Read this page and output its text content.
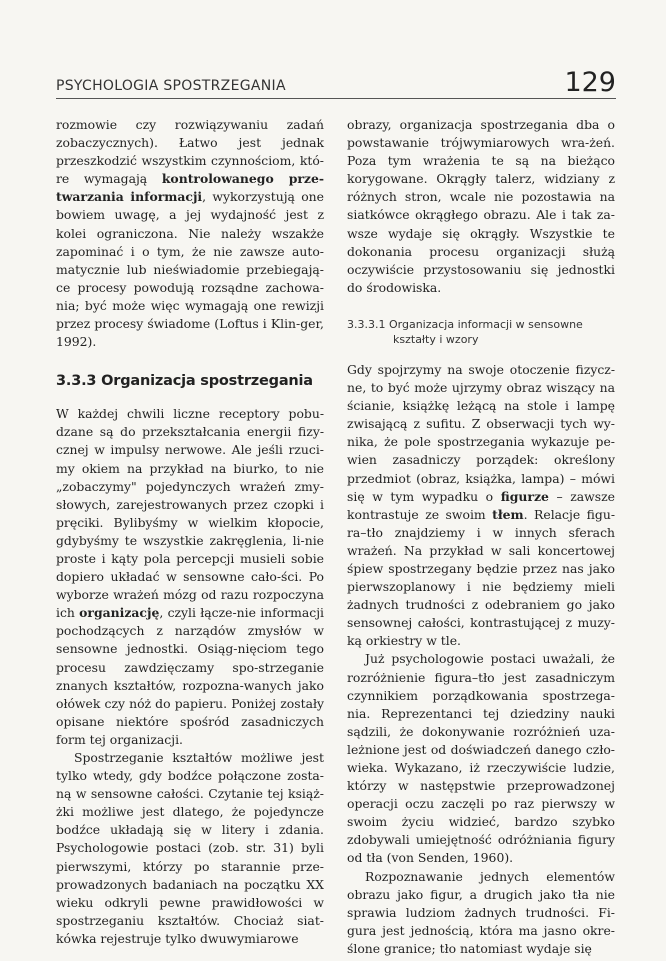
PSYCHOLOGIA SPOSTRZEGANIA	129

rozmowie czy rozwiązywaniu zadań zobaczycznych). Łatwo jest jednak przeszkodzić wszystkim czynnościom, któ-re wymagają kontrolowanego prze-twarzania informacji, wykorzystują one bowiem uwagę, a jej wydajność jest z kolei ograniczona. Nie należy wszakże zapominać i o tym, że nie zawsze auto-matycznie lub nieświadomie przebiegają-ce procesy powodują rozsądne zachowa-nia; być może więc wymagają one rewizji przez procesy świadome (Loftus i Klin-ger, 1992).

3.3.3 Organizacja spostrzegania

W każdej chwili liczne receptory pobu-dzane są do przekształcania energii fizy-cznej w impulsy nerwowe. Ale jeśli rzuci-my okiem na przykład na biurko, to nie „zobaczymy" pojedynczych wrażeń zmy-słowych, zarejestrowanych przez czopki i pręciki. Bylibyśmy w wielkim kłopocie, gdybyśmy te wszystkie zakręglenia, li-nie proste i kąty pola percepcji musieli sobie dopiero układać w sensowne cało-ści. Po wyborze wrażeń mózg od razu rozpoczyna ich organizację, czyli łącze-nie informacji pochodzących z narządów zmysłów w sensowne jednostki. Osiąg-nięciom tego procesu zawdzięczamy spo-strzeganie znanych kształtów, rozpozna-wanych jako ołówek czy nóż do papieru. Poniżej zostały opisane niektóre spośród zasadniczych form tej organizacji.

Spostrzeganie kształtów możliwe jest tylko wtedy, gdy bodźce połączone zosta-ną w sensowne całości. Czytanie tej książ-żki możliwe jest dlatego, że pojedyncze bodźce układają się w litery i zdania. Psychologowie postaci (zob. str. 31) byli pierwszymi, którzy po starannie prze-prowadzonych badaniach na początku XX wieku odkryli pewne prawidłowości w spostrzeganiu kształtów. Chociaż siat-kówka rejestruje tylko dwuwymiarowe

obrazy, organizacja spostrzegania dba o powstawanie trójwymiarowych wra-żeń. Poza tym wrażenia te są na bieżąco korygowane. Okrągły talerz, widziany z różnych stron, wcale nie pozostawia na siatkówce okrągłego obrazu. Ale i tak za-wsze wydaje się okrągły. Wszystkie te dokonania procesu organizacji służą oczywiście przystosowaniu się jednostki do środowiska.

3.3.3.1 Organizacja informacji w sensowne
kształty i wzory

Gdy spojrzymy na swoje otoczenie fizycz-ne, to być może ujrzymy obraz wiszący na ścianie, książkę leżącą na stole i lampę zwisającą z sufitu. Z obserwacji tych wy-nika, że pole spostrzegania wykazuje pe-wien zasadniczy porządek: określony przedmiot (obraz, książka, lampa) – mówi się w tym wypadku o figurze – zawsze kontrastuje ze swoim tłem. Relacje figu-ra–tło znajdziemy i w innych sferach wrażeń. Na przykład w sali koncertowej śpiew spostrzegany będzie przez nas jako pierwszoplanowy i nie będziemy mieli żadnych trudności z odebraniem go jako sensownej całości, kontrastującej z muzy-ką orkiestry w tle.

Już psychologowie postaci uważali, że rozróżnienie figura–tło jest zasadniczym czynnikiem porządkowania spostrzega-nia. Reprezentanci tej dziedziny nauki sądzili, że dokonywanie rozróżnień uza-leżnione jest od doświadczeń danego czło-wieka. Wykazano, iż rzeczywiście ludzie, którzy w następstwie przeprowadzonej operacji oczu zaczęli po raz pierwszy w swoim życiu widzieć, bardzo szybko zdobywali umiejętność odróżniania figury od tła (von Senden, 1960).

Rozpoznawanie jednych elementów obrazu jako figur, a drugich jako tła nie sprawia ludziom żadnych trudności. Fi-gura jest jednością, która ma jasno okre-ślone granice; tło natomiast wydaje się
